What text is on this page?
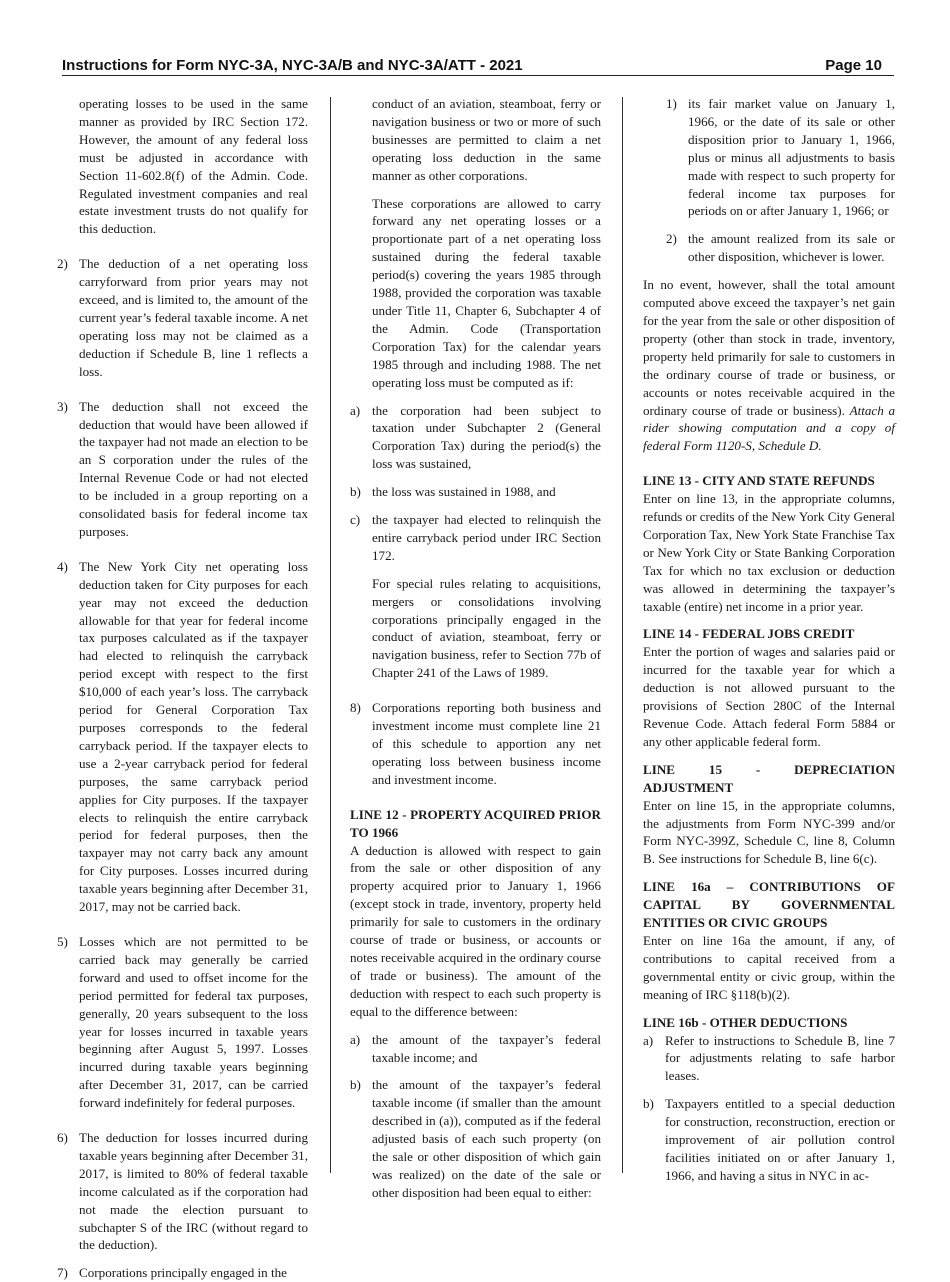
Instructions for Form NYC-3A, NYC-3A/B and NYC-3A/ATT - 2021	Page 10

operating losses to be used in the same manner as provided by IRC Section 172. However, the amount of any federal loss must be adjusted in accordance with Section 11-602.8(f) of the Admin. Code. Regulated investment companies and real estate investment trusts do not qualify for this deduction.

2) The deduction of a net operating loss carryforward from prior years may not exceed, and is limited to, the amount of the current year’s federal taxable income. A net operating loss may not be claimed as a deduction if Schedule B, line 1 reflects a loss.

3) The deduction shall not exceed the deduction that would have been allowed if the taxpayer had not made an election to be an S corporation under the rules of the Internal Revenue Code or had not elected to be included in a group reporting on a consolidated basis for federal income tax purposes.

4) The New York City net operating loss deduction taken for City purposes for each year may not exceed the deduction allowable for that year for federal income tax purposes calculated as if the taxpayer had elected to relinquish the carryback period except with respect to the first $10,000 of each year’s loss. The carryback period for General Corporation Tax purposes corresponds to the federal carryback period. If the taxpayer elects to use a 2-year carryback period for federal purposes, the same carryback period applies for City purposes. If the taxpayer elects to relinquish the entire carryback period for federal purposes, then the taxpayer may not carry back any amount for City purposes. Losses incurred during taxable years beginning after December 31, 2017, may not be carried back.

5) Losses which are not permitted to be carried back may generally be carried forward and used to offset income for the period permitted for federal tax purposes, generally, 20 years subsequent to the loss year for losses incurred in taxable years beginning after August 5, 1997. Losses incurred during taxable years beginning after December 31, 2017, can be carried forward indefinitely for federal purposes.

6) The deduction for losses incurred during taxable years beginning after December 31, 2017, is limited to 80% of federal taxable income calculated as if the corporation had not made the election pursuant to subchapter S of the IRC (without regard to the deduction).

7) Corporations principally engaged in the

conduct of an aviation, steamboat, ferry or navigation business or two or more of such businesses are permitted to claim a net operating loss deduction in the same manner as other corporations.

These corporations are allowed to carry forward any net operating losses or a proportionate part of a net operating loss sustained during the federal taxable period(s) covering the years 1985 through 1988, provided the corporation was taxable under Title 11, Chapter 6, Subchapter 4 of the Admin. Code (Transportation Corporation Tax) for the calendar years 1985 through and including 1988. The net operating loss must be computed as if:

a) the corporation had been subject to taxation under Subchapter 2 (General Corporation Tax) during the period(s) the loss was sustained,

b) the loss was sustained in 1988, and

c) the taxpayer had elected to relinquish the entire carryback period under IRC Section 172.

For special rules relating to acquisitions, mergers or consolidations involving corporations principally engaged in the conduct of aviation, steamboat, ferry or navigation business, refer to Section 77b of Chapter 241 of the Laws of 1989.

8) Corporations reporting both business and investment income must complete line 21 of this schedule to apportion any net operating loss between business income and investment income.

LINE 12 - PROPERTY ACQUIRED PRIOR TO 1966

A deduction is allowed with respect to gain from the sale or other disposition of any property acquired prior to January 1, 1966 (except stock in trade, inventory, property held primarily for sale to customers in the ordinary course of trade or business, or accounts or notes receivable acquired in the ordinary course of trade or business). The amount of the deduction with respect to each such property is equal to the difference between:

a) the amount of the taxpayer’s federal taxable income; and

b) the amount of the taxpayer’s federal taxable income (if smaller than the amount described in (a)), computed as if the federal adjusted basis of each such property (on the sale or other disposition of which gain was realized) on the date of the sale or other disposition had been equal to either:

1) its fair market value on January 1, 1966, or the date of its sale or other disposition prior to January 1, 1966, plus or minus all adjustments to basis made with respect to such property for federal income tax purposes for periods on or after January 1, 1966; or

2) the amount realized from its sale or other disposition, whichever is lower.

In no event, however, shall the total amount computed above exceed the taxpayer’s net gain for the year from the sale or other disposition of property (other than stock in trade, inventory, property held primarily for sale to customers in the ordinary course of trade or business, or accounts or notes receivable acquired in the ordinary course of trade or business). Attach a rider showing computation and a copy of federal Form 1120-S, Schedule D.

LINE 13 - CITY AND STATE REFUNDS

Enter on line 13, in the appropriate columns, refunds or credits of the New York City General Corporation Tax, New York State Franchise Tax or New York City or State Banking Corporation Tax for which no tax exclusion or deduction was allowed in determining the taxpayer’s taxable (entire) net income in a prior year.

LINE 14 - FEDERAL JOBS CREDIT

Enter the portion of wages and salaries paid or incurred for the taxable year for which a deduction is not allowed pursuant to the provisions of Section 280C of the Internal Revenue Code. Attach federal Form 5884 or any other applicable federal form.

LINE 15 - DEPRECIATION ADJUSTMENT

Enter on line 15, in the appropriate columns, the adjustments from Form NYC-399 and/or Form NYC-399Z, Schedule C, line 8, Column B. See instructions for Schedule B, line 6(c).

LINE 16a – CONTRIBUTIONS OF CAPITAL BY GOVERNMENTAL ENTITIES OR CIVIC GROUPS

Enter on line 16a the amount, if any, of contributions to capital received from a governmental entity or civic group, within the meaning of IRC §118(b)(2).

LINE 16b - OTHER DEDUCTIONS

a) Refer to instructions to Schedule B, line 7 for adjustments relating to safe harbor leases.

b) Taxpayers entitled to a special deduction for construction, reconstruction, erection or improvement of air pollution control facilities initiated on or after January 1, 1966, and having a situs in NYC in ac-
